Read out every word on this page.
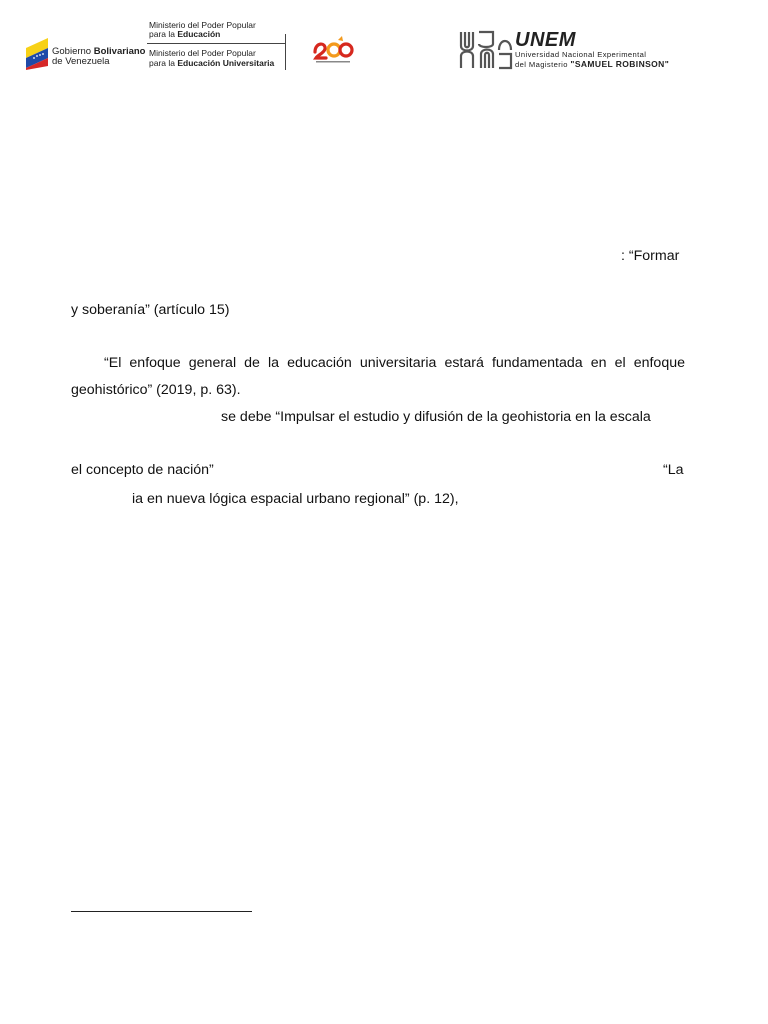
Gobierno Bolivariano
de Venezuela
Ministerio del Poder Popular
para la Educación
Ministerio del Poder Popular
para la Educación Universitaria
UNEM
Universidad Nacional Experimental
del Magisterio "SAMUEL ROBINSON"
: “Formar
y soberanía” (artículo 15)
“El enfoque general de la educación universitaria estará fundamentada en el enfoque
geohistórico” (2019, p. 63).
se debe “Impulsar el estudio y difusión de la geohistoria en la escala
el concepto de nación”	“La
ia en nueva lógica espacial urbano regional” (p. 12),
